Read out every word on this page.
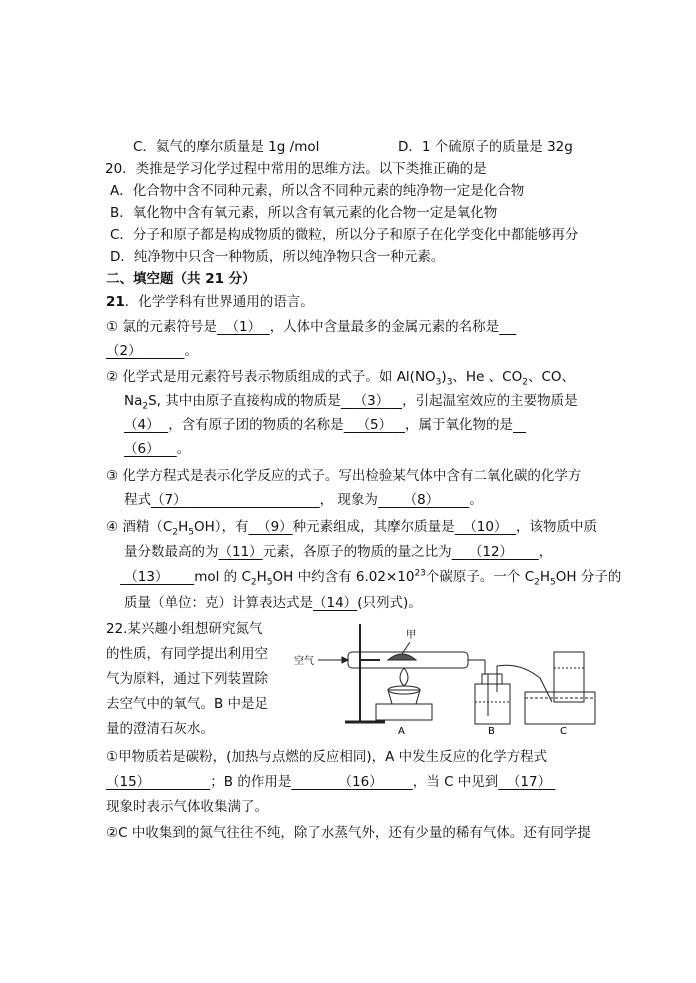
C．氦气的摩尔质量是 1g /mol	D．1 个硫原子的质量是 32g
20．类推是学习化学过程中常用的思维方法。以下类推正确的是
A．化合物中含不同种元素，所以含不同种元素的纯净物一定是化合物
B．氧化物中含有氧元素，所以含有氧元素的化合物一定是氧化物
C．分子和原子都是构成物质的微粒，所以分子和原子在化学变化中都能够再分
D．纯净物中只含一种物质，所以纯净物只含一种元素。
二、填空题（共 21 分）
21．化学学科有世界通用的语言。
① 氯的元素符号是 （1） ，人体中含量最多的金属元素的名称是
（2）	。
② 化学式是用元素符号表示物质组成的式子。如 $Al(NO_3)_3$、He 、$CO_2$、CO、
$Na_2S$, 其中由原子直接构成的物质是 （3） ，引起温室效应的主要物质是
（4） ，含有原子团的物质的名称是 （5） ，属于氧化物的是
（6） 。
③ 化学方程式是表示化学反应的式子。写出检验某气体中含有二氧化碳的化学方
程式（7）	， 现象为 （8） 。
④ 酒精$(C_2H_5OH)$，有 （9）种元素组成，其摩尔质量是 （10） ，该物质中质
量分数最高的为（11）元素，各原子的物质的量之比为 （12） ，
（13） mol 的 $C_2H_5OH$ 中约含有 $6.02\times 10^{23}$个碳原子。一个 $C_2H_5OH$ 分子的
质量（单位：克）计算表达式是（14）(只列式)。
22.某兴趣小组想研究氮气
的性质，有同学提出利用空
气为原料，通过下列装置除
去空气中的氧气。B 中是足
量的澄清石灰水。
空气
甲
A	B	C
①甲物质若是碳粉，(加热与点燃的反应相同)，A 中发生反应的化学方程式
（15）	；B 的作用是	（16） ，当 C 中见到 （17）
现象时表示气体收集满了。
②C 中收集到的氮气往往不纯，除了水蒸气外，还有少量的稀有气体。还有同学提
